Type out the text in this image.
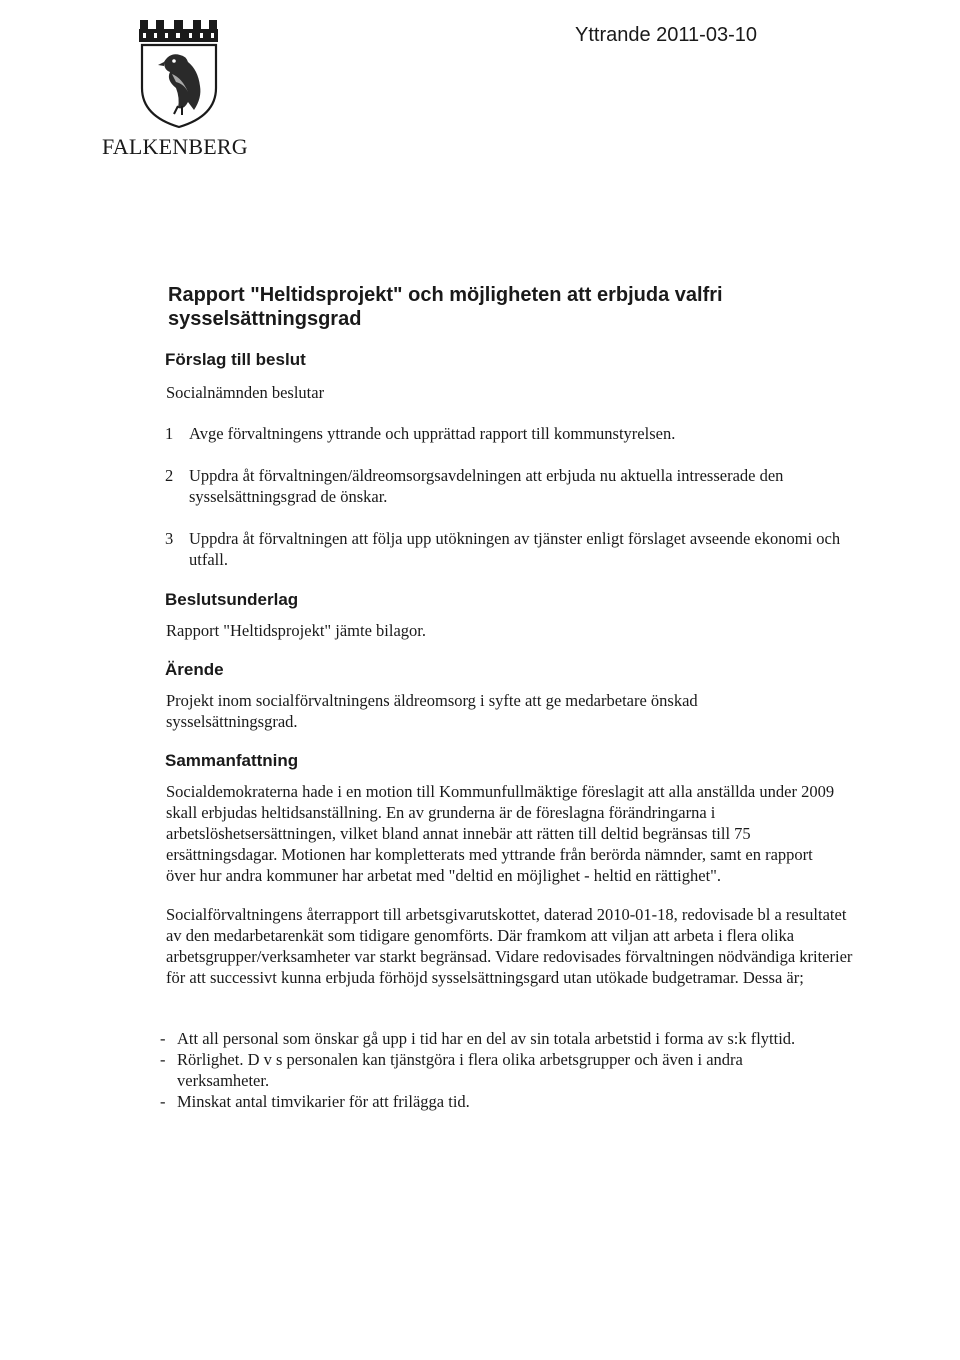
FALKENBERG
Yttrande 2011-03-10
Rapport "Heltidsprojekt" och möjligheten att erbjuda valfri sysselsättningsgrad
Förslag till beslut
Socialnämnden beslutar
1 Avge förvaltningens yttrande och upprättad rapport till kommunstyrelsen.
2 Uppdra åt förvaltningen/äldreomsorgsavdelningen att erbjuda nu aktuella intresserade den sysselsättningsgrad de önskar.
3 Uppdra åt förvaltningen att följa upp utökningen av tjänster enligt förslaget avseende ekonomi och utfall.
Beslutsunderlag
Rapport "Heltidsprojekt" jämte bilagor.
Ärende
Projekt inom socialförvaltningens äldreomsorg i syfte att ge medarbetare önskad sysselsättningsgrad.
Sammanfattning
Socialdemokraterna hade i en motion till Kommunfullmäktige föreslagit att alla anställda under 2009 skall erbjudas heltidsanställning. En av grunderna är de föreslagna förändringarna i arbetslöshetsersättningen, vilket bland annat innebär att rätten till deltid begränsas till 75 ersättningsdagar. Motionen har kompletterats med yttrande från berörda nämnder, samt en rapport över hur andra kommuner har arbetat med "deltid en möjlighet - heltid en rättighet".
Socialförvaltningens återrapport till arbetsgivarutskottet, daterad 2010-01-18, redovisade bl a resultatet av den medarbetarenkät som tidigare genomförts. Där framkom att viljan att arbeta i flera olika arbetsgrupper/verksamheter var starkt begränsad. Vidare redovisades förvaltningen nödvändiga kriterier för att successivt kunna erbjuda förhöjd sysselsättningsgard utan utökade budgetramar. Dessa är;
- Att all personal som önskar gå upp i tid har en del av sin totala arbetstid i forma av s:k flyttid.
- Rörlighet. D v s personalen kan tjänstgöra i flera olika arbetsgrupper och även i andra verksamheter.
- Minskat antal timvikarier för att frilägga tid.
